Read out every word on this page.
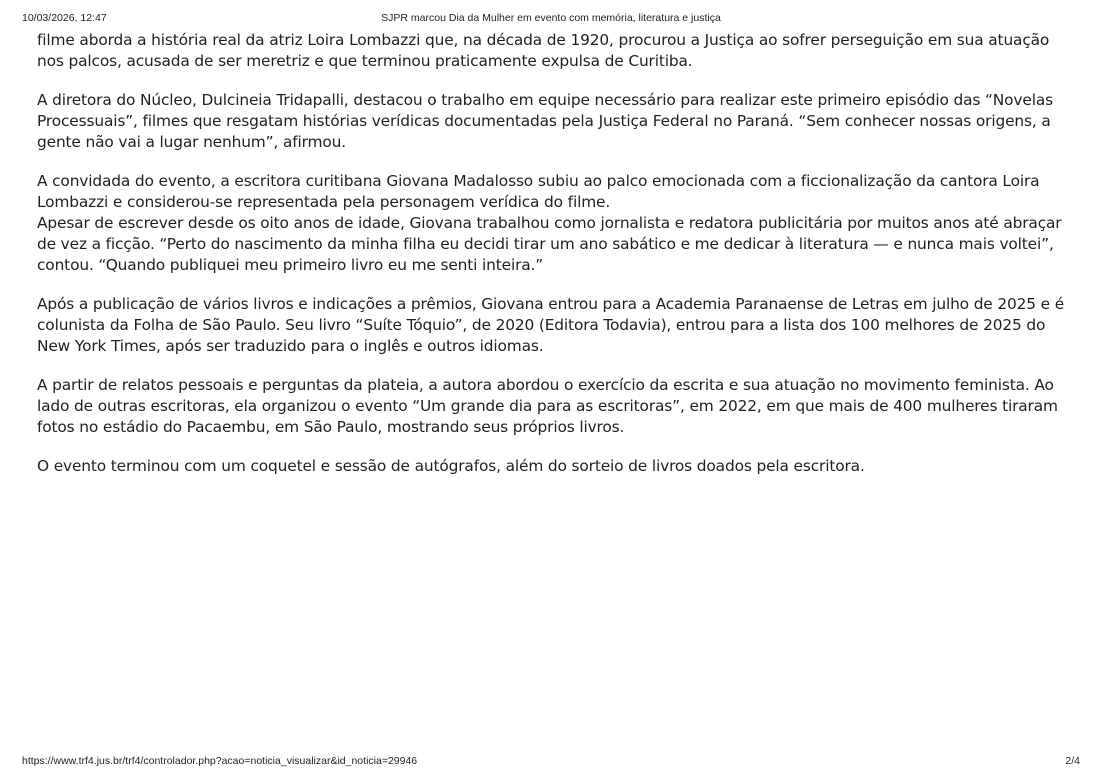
10/03/2026, 12:47	SJPR marcou Dia da Mulher em evento com memória, literatura e justiça

filme aborda a história real da atriz Loira Lombazzi que, na década de 1920, procurou a Justiça ao sofrer perseguição em sua atuação nos palcos, acusada de ser meretriz e que terminou praticamente expulsa de Curitiba.

A diretora do Núcleo, Dulcineia Tridapalli, destacou o trabalho em equipe necessário para realizar este primeiro episódio das “Novelas Processuais”, filmes que resgatam histórias verídicas documentadas pela Justiça Federal no Paraná. “Sem conhecer nossas origens, a gente não vai a lugar nenhum”, afirmou.

A convidada do evento, a escritora curitibana Giovana Madalosso subiu ao palco emocionada com a ficcionalização da cantora Loira Lombazzi e considerou-se representada pela personagem verídica do filme.

Apesar de escrever desde os oito anos de idade, Giovana trabalhou como jornalista e redatora publicitária por muitos anos até abraçar de vez a ficção. “Perto do nascimento da minha filha eu decidi tirar um ano sabático e me dedicar à literatura — e nunca mais voltei”, contou. “Quando publiquei meu primeiro livro eu me senti inteira.”

Após a publicação de vários livros e indicações a prêmios, Giovana entrou para a Academia Paranaense de Letras em julho de 2025 e é colunista da Folha de São Paulo. Seu livro “Suíte Tóquio”, de 2020 (Editora Todavia), entrou para a lista dos 100 melhores de 2025 do New York Times, após ser traduzido para o inglês e outros idiomas.

A partir de relatos pessoais e perguntas da plateia, a autora abordou o exercício da escrita e sua atuação no movimento feminista. Ao lado de outras escritoras, ela organizou o evento “Um grande dia para as escritoras”, em 2022, em que mais de 400 mulheres tiraram fotos no estádio do Pacaembu, em São Paulo, mostrando seus próprios livros.

O evento terminou com um coquetel e sessão de autógrafos, além do sorteio de livros doados pela escritora.

https://www.trf4.jus.br/trf4/controlador.php?acao=noticia_visualizar&id_noticia=29946	2/4
